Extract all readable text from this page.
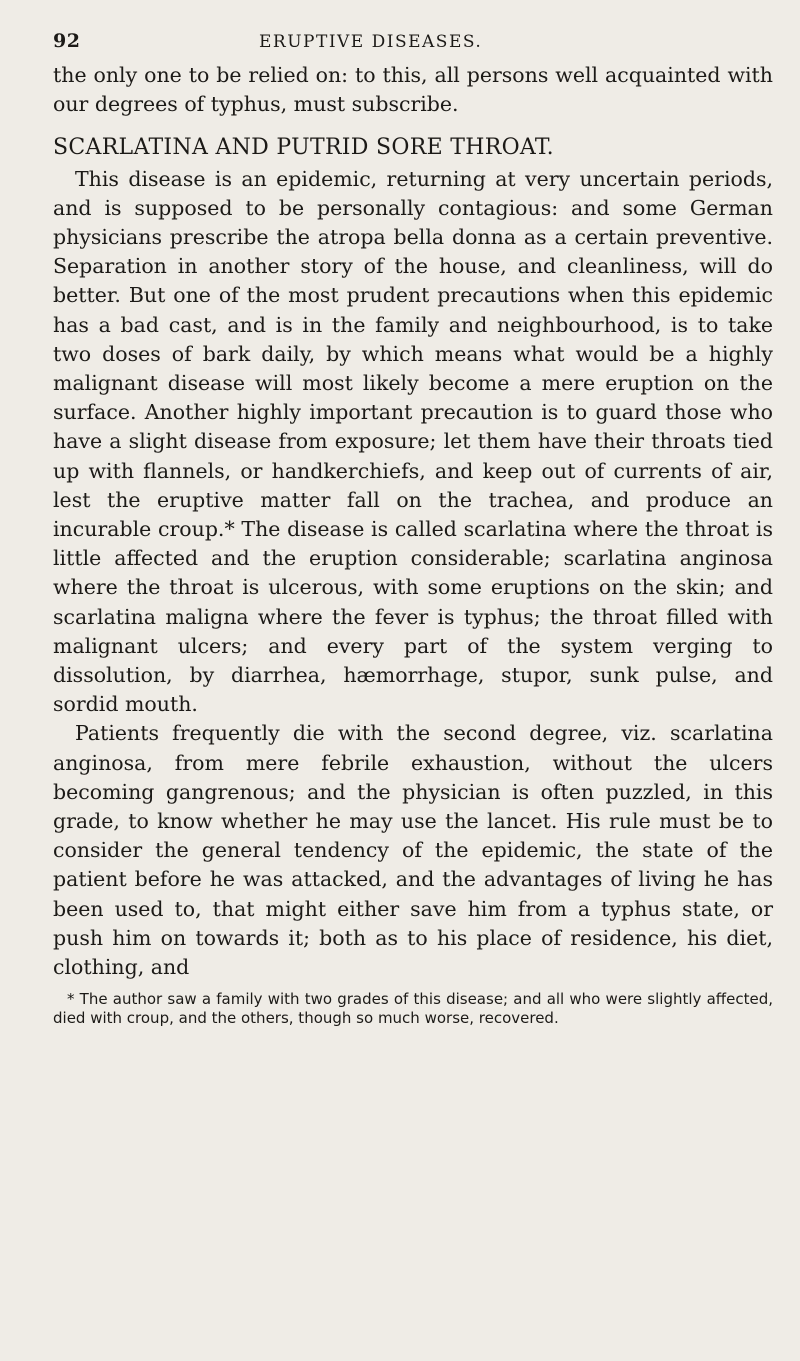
92	ERUPTIVE DISEASES.

the only one to be relied on: to this, all persons well acquainted with our degrees of typhus, must subscribe.

SCARLATINA AND PUTRID SORE THROAT.

This disease is an epidemic, returning at very uncertain periods, and is supposed to be personally contagious: and some German physicians prescribe the atropa bella donna as a certain preventive. Separation in another story of the house, and cleanliness, will do better. But one of the most prudent precautions when this epidemic has a bad cast, and is in the family and neighbourhood, is to take two doses of bark daily, by which means what would be a highly malignant disease will most likely become a mere eruption on the surface. Another highly important precaution is to guard those who have a slight disease from exposure; let them have their throats tied up with flannels, or handkerchiefs, and keep out of currents of air, lest the eruptive matter fall on the trachea, and produce an incurable croup.* The disease is called scarlatina where the throat is little affected and the eruption considerable; scarlatina anginosa where the throat is ulcerous, with some eruptions on the skin; and scarlatina maligna where the fever is typhus; the throat filled with malignant ulcers; and every part of the system verging to dissolution, by diarrhea, hæmorrhage, stupor, sunk pulse, and sordid mouth.

Patients frequently die with the second degree, viz. scarlatina anginosa, from mere febrile exhaustion, without the ulcers becoming gangrenous; and the physician is often puzzled, in this grade, to know whether he may use the lancet. His rule must be to consider the general tendency of the epidemic, the state of the patient before he was attacked, and the advantages of living he has been used to, that might either save him from a typhus state, or push him on towards it; both as to his place of residence, his diet, clothing, and

* The author saw a family with two grades of this disease; and all who were slightly affected, died with croup, and the others, though so much worse, recovered.
